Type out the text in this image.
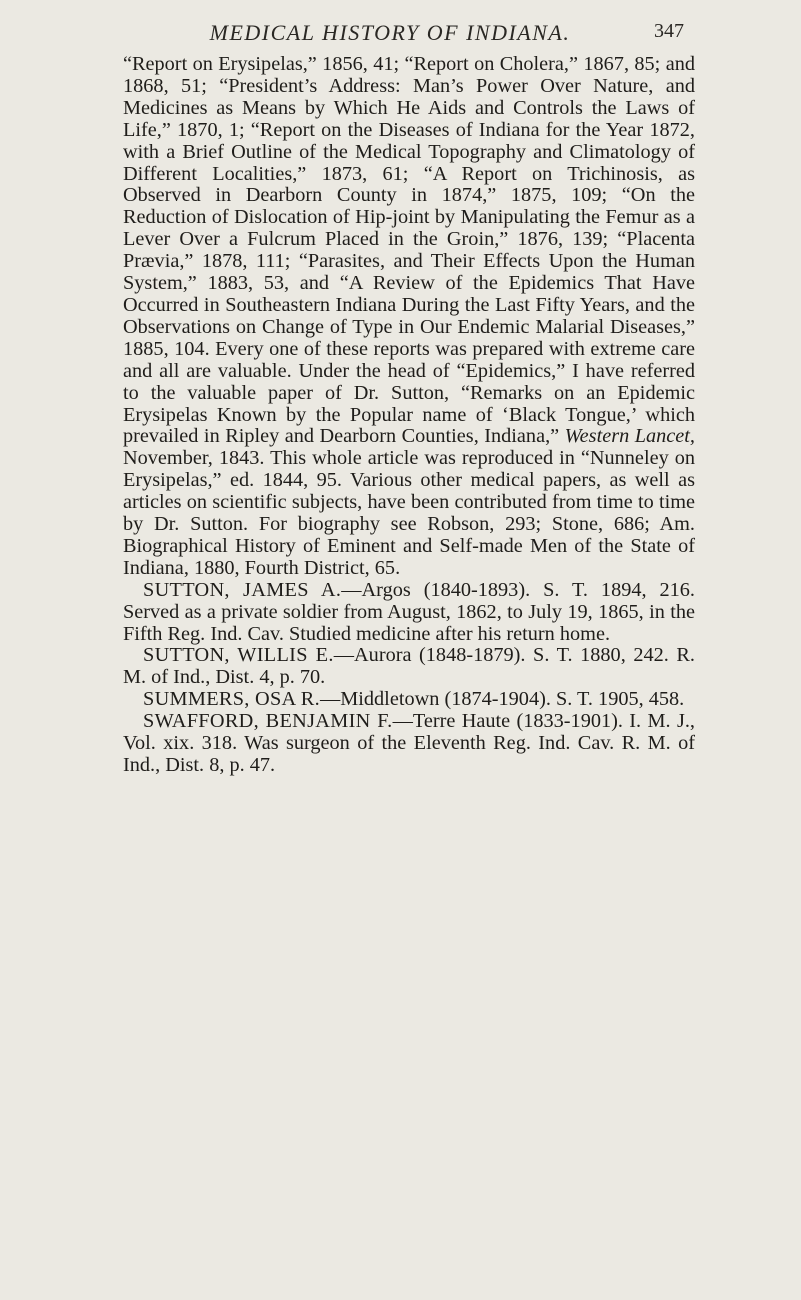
MEDICAL HISTORY OF INDIANA.	347

“Report on Erysipelas,” 1856, 41; “Report on Cholera,” 1867, 85; and 1868, 51; “President’s Address: Man’s Power Over Nature, and Medicines as Means by Which He Aids and Controls the Laws of Life,” 1870, 1; “Report on the Diseases of Indiana for the Year 1872, with a Brief Outline of the Medical Topography and Climatology of Different Localities,” 1873, 61; “A Report on Trichinosis, as Observed in Dearborn County in 1874,” 1875, 109; “On the Reduction of Dislocation of Hip-joint by Manipulating the Femur as a Lever Over a Fulcrum Placed in the Groin,” 1876, 139; “Placenta Prævia,” 1878, 111; “Parasites, and Their Effects Upon the Human System,” 1883, 53, and “A Review of the Epidemics That Have Occurred in Southeastern Indiana During the Last Fifty Years, and the Observations on Change of Type in Our Endemic Malarial Diseases,” 1885, 104. Every one of these reports was prepared with extreme care and all are valuable. Under the head of “Epidemics,” I have referred to the valuable paper of Dr. Sutton, “Remarks on an Epidemic Erysipelas Known by the Popular name of ‘Black Tongue,’ which prevailed in Ripley and Dearborn Counties, Indiana,” Western Lancet, November, 1843. This whole article was reproduced in “Nunneley on Erysipelas,” ed. 1844, 95. Various other medical papers, as well as articles on scientific subjects, have been contributed from time to time by Dr. Sutton. For biography see Robson, 293; Stone, 686; Am. Biographical History of Eminent and Self-made Men of the State of Indiana, 1880, Fourth District, 65.

SUTTON, JAMES A.—Argos (1840-1893). S. T. 1894, 216. Served as a private soldier from August, 1862, to July 19, 1865, in the Fifth Reg. Ind. Cav. Studied medicine after his return home.

SUTTON, WILLIS E.—Aurora (1848-1879). S. T. 1880, 242. R. M. of Ind., Dist. 4, p. 70.

SUMMERS, OSA R.—Middletown (1874-1904). S. T. 1905, 458.

SWAFFORD, BENJAMIN F.—Terre Haute (1833-1901). I. M. J., Vol. xix. 318. Was surgeon of the Eleventh Reg. Ind. Cav. R. M. of Ind., Dist. 8, p. 47.
